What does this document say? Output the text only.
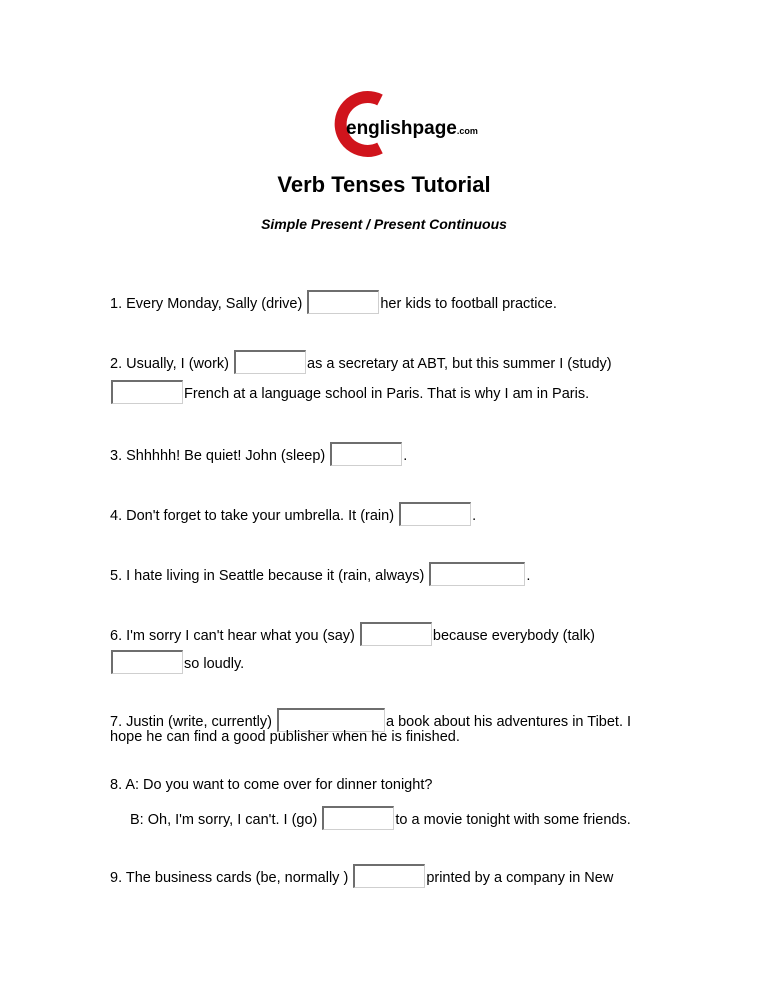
englishpage.com
Verb Tenses Tutorial
Simple Present / Present Continuous
1. Every Monday, Sally (drive)	her kids to football practice.
2. Usually, I (work)	as a secretary at ABT, but this summer I (study)
French at a language school in Paris. That is why I am in Paris.
3. Shhhhh! Be quiet! John (sleep)	.
4. Don't forget to take your umbrella. It (rain)	.
5. I hate living in Seattle because it (rain, always)	.
6. I'm sorry I can't hear what you (say)	because everybody (talk)
so loudly.
7. Justin (write, currently)	a book about his adventures in Tibet. I
hope he can find a good publisher when he is finished.
8. A: Do you want to come over for dinner tonight?
B: Oh, I'm sorry, I can't. I (go)	to a movie tonight with some friends.
9. The business cards (be, normally )	printed by a company in New
